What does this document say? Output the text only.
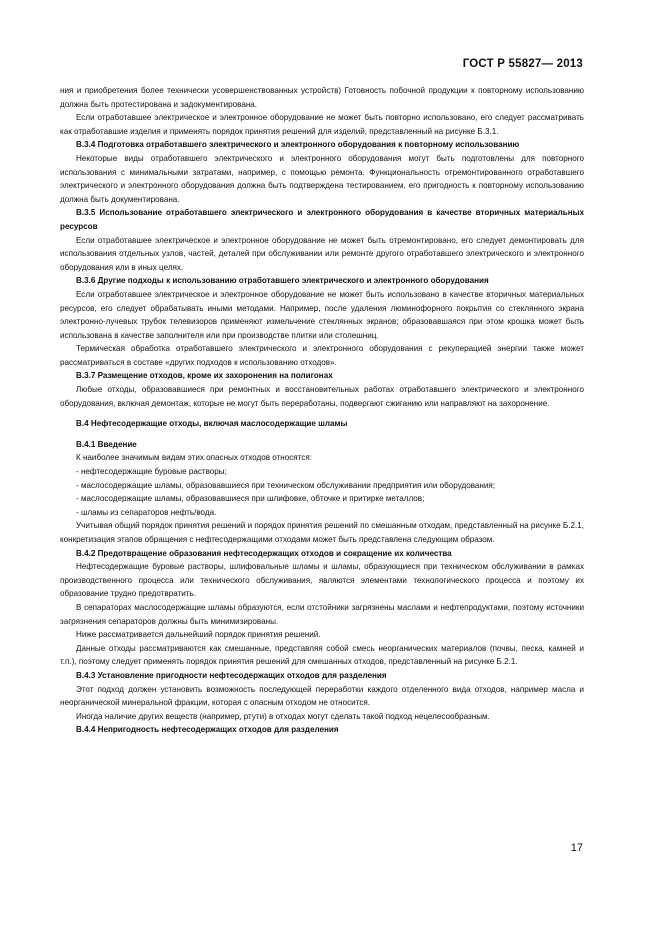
ГОСТ Р 55827— 2013

ния и приобретения более технически усовершенствованных устройств) Готовность побочной продукции к повторному использованию должна быть протестирована и задокументирована.

Если отработавшее электрическое и электронное оборудование не может быть повторно использовано, его следует рассматривать как отработавшие изделия и применять порядок принятия решений для изделий, представленный на рисунке Б.3.1.

В.3.4 Подготовка отработавшего электрического и электронного оборудования к повторному использованию

Некоторые виды отработавшего электрического и электронного оборудования могут быть подготовлены для повторного использования с минимальными затратами, например, с помощью ремонта. Функциональность отремонтированного отработавшего электрического и электронного оборудования должна быть подтверждена тестированием, его пригодность к повторному использованию должна быть документирована.

В.3.5 Использование отработавшего электрического и электронного оборудования в качестве вторичных материальных ресурсов

Если отработавшее электрическое и электронное оборудование не может быть отремонтировано, его следует демонтировать для использования отдельных узлов, частей, деталей при обслуживании или ремонте другого отработавшего электрического и электронного оборудования или в иных целях.

В.3.6 Другие подходы к использованию отработавшего электрического и электронного оборудования

Если отработавшее электрическое и электронное оборудование не может быть использовано в качестве вторичных материальных ресурсов, его следует обрабатывать иными методами. Например, после удаления люминофорного покрытия со стеклянного экрана электронно-лучевых трубок телевизоров применяют измельчение стеклянных экранов; образовавшаяся при этом крошка может быть использована в качестве заполнителя или при производстве плитки или столешниц.

Термическая обработка отработавшего электрического и электронного оборудования с рекуперацией энергии также может рассматриваться в составе «других подходов к использованию отходов».

В.3.7 Размещение отходов, кроме их захоронения на полигонах

Любые отходы, образовавшиеся при ремонтных и восстановительных работах отработавшего электрического и электронного оборудования, включая демонтаж, которые не могут быть переработаны, подвергают сжиганию или направляют на захоронение.

В.4 Нефтесодержащие отходы, включая маслосодержащие шламы

В.4.1 Введение

К наиболее значимым видам этих опасных отходов относятся:

- нефтесодержащие буровые растворы;

- маслосодержащие шламы, образовавшиеся при техническом обслуживании предприятия или оборудования;

- маслосодержащие шламы, образовавшиеся при шлифовке, обточке и притирке металлов;

- шламы из сепараторов нефть/вода.

Учитывая общий порядок принятия решений и порядок принятия решений по смешанным отходам, представленный на рисунке Б.2.1, конкретизация этапов обращения с нефтесодержащими отходами может быть представлена следующим образом.

В.4.2 Предотвращение образования нефтесодержащих отходов и сокращение их количества

Нефтесодержащие буровые растворы, шлифовальные шламы и шламы, образующиеся при техническом обслуживании в рамках производственного процесса или технического обслуживания, являются элементами технологического процесса и поэтому их образование трудно предотвратить.

В сепараторах маслосодержащие шламы образуются, если отстойники загрязнены маслами и нефтепродуктами, поэтому источники загрязнения сепараторов должны быть минимизированы.

Ниже рассматривается дальнейший порядок принятия решений.

Данные отходы рассматриваются как смешанные, представляя собой смесь неорганических материалов (почвы, песка, камней и т.п.), поэтому следует применять порядок принятия решений для смешанных отходов, представленный на рисунке Б.2.1.

В.4.3 Установление пригодности нефтесодержащих отходов для разделения

Этот подход должен установить возможность последующей переработки каждого отделенного вида отходов, например масла и неорганической минеральной фракции, которая с опасным отходом не относится.

Иногда наличие других веществ (например, ртути) в отходах могут сделать такой подход нецелесообразным.

В.4.4 Непригодность нефтесодержащих отходов для разделения

17
